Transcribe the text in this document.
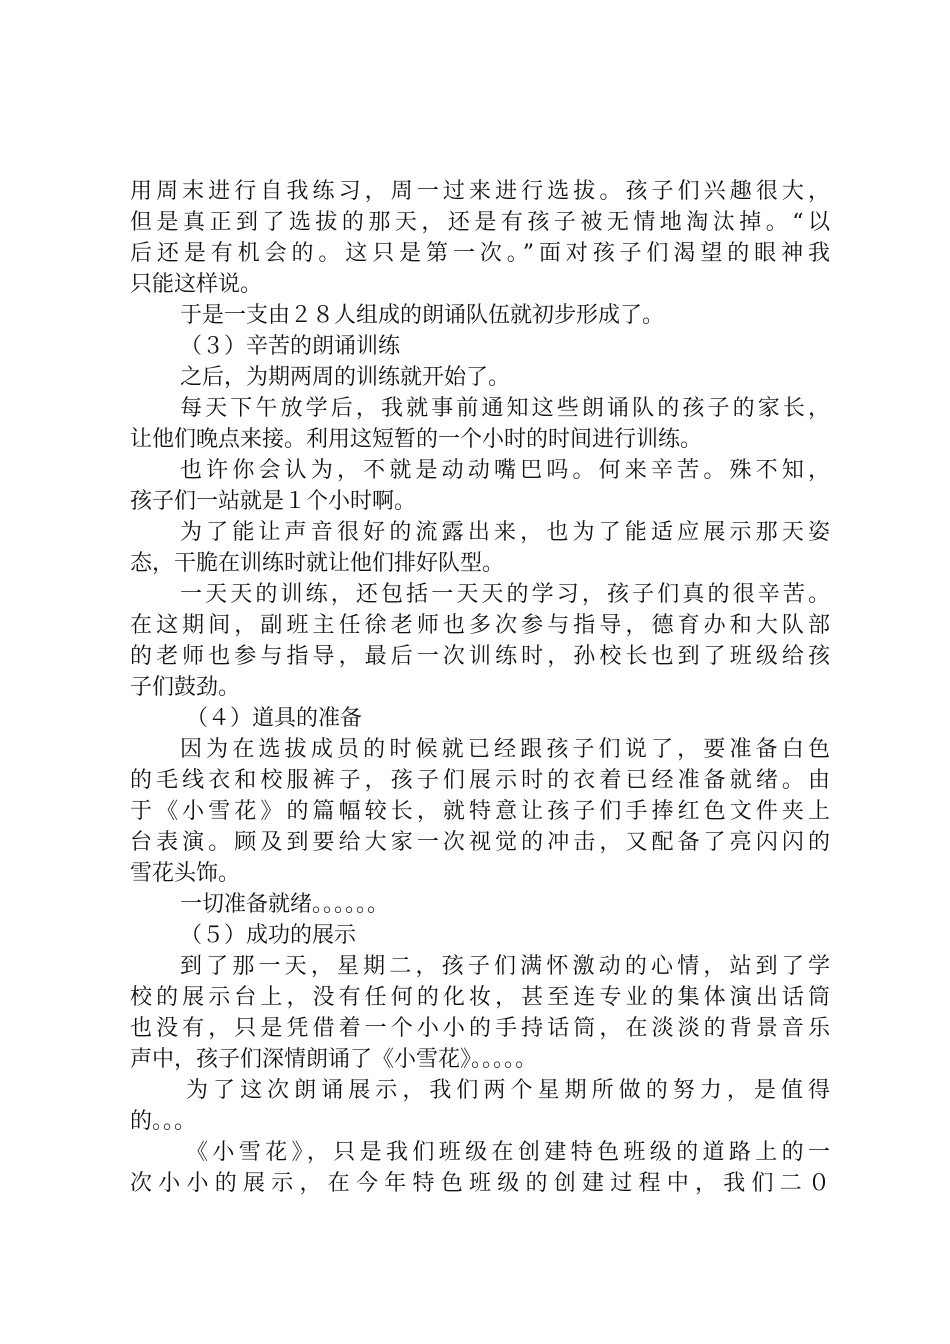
用周末进行自我练习，周一过来进行选拔。孩子们兴趣很大，
但是真正到了选拔的那天，还是有孩子被无情地淘汰掉。“以
后还是有机会的。这只是第一次。”面对孩子们渴望的眼神我
只能这样说。
于是一支由２８人组成的朗诵队伍就初步形成了。
（３）辛苦的朗诵训练
之后，为期两周的训练就开始了。
每天下午放学后，我就事前通知这些朗诵队的孩子的家长，
让他们晚点来接。利用这短暂的一个小时的时间进行训练。
也许你会认为，不就是动动嘴巴吗。何来辛苦。殊不知，
孩子们一站就是１个小时啊。
为了能让声音很好的流露出来，也为了能适应展示那天姿
态，干脆在训练时就让他们排好队型。
一天天的训练，还包括一天天的学习，孩子们真的很辛苦。
在这期间，副班主任徐老师也多次参与指导，德育办和大队部
的老师也参与指导，最后一次训练时，孙校长也到了班级给孩
子们鼓劲。
（４）道具的准备
因为在选拔成员的时候就已经跟孩子们说了，要准备白色
的毛线衣和校服裤子，孩子们展示时的衣着已经准备就绪。由
于《小雪花》的篇幅较长，就特意让孩子们手捧红色文件夹上
台表演。顾及到要给大家一次视觉的冲击，又配备了亮闪闪的
雪花头饰。
一切准备就绪。。。。。。
（５）成功的展示
到了那一天，星期二，孩子们满怀激动的心情，站到了学
校的展示台上，没有任何的化妆，甚至连专业的集体演出话筒
也没有，只是凭借着一个小小的手持话筒，在淡淡的背景音乐
声中，孩子们深情朗诵了《小雪花》。。。。。
为了这次朗诵展示，我们两个星期所做的努力，是值得
的。。。
《小雪花》，只是我们班级在创建特色班级的道路上的一
次小小的展示，在今年特色班级的创建过程中，我们二０
